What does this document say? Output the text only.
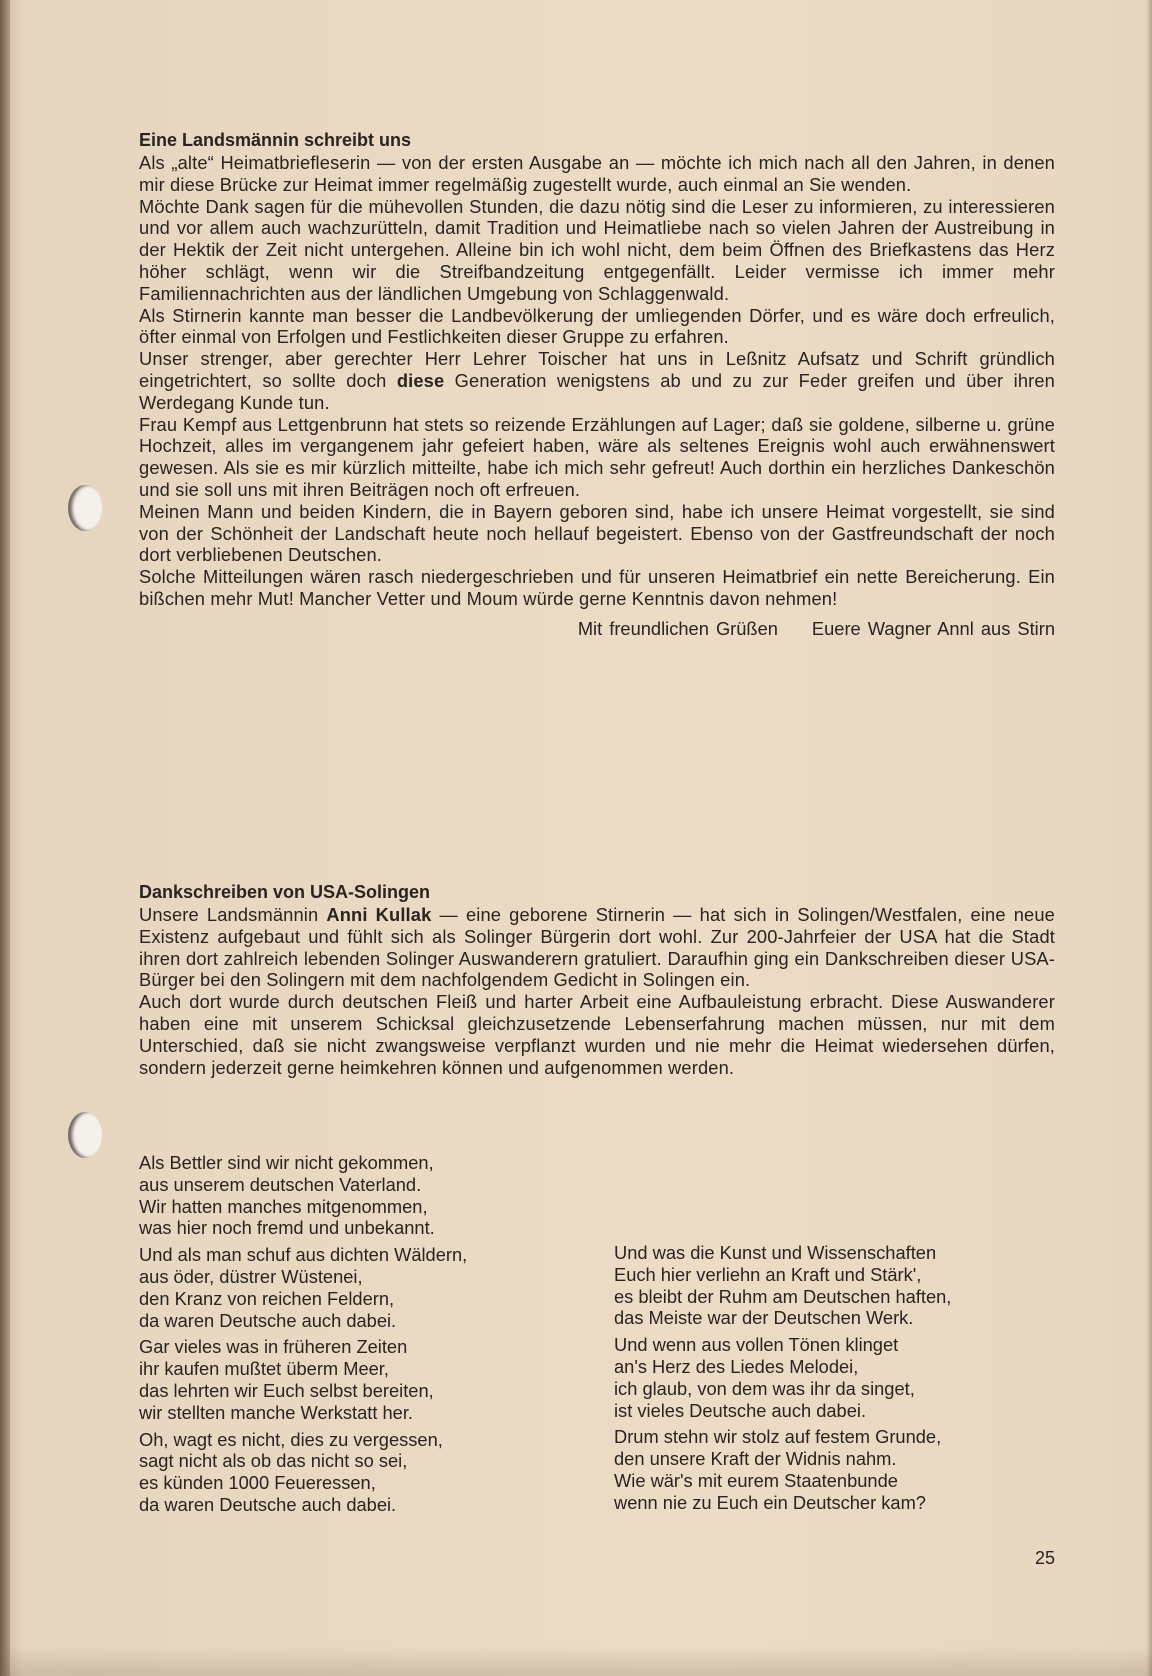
Eine Landsmännin schreibt uns

Als „alte“ Heimatbriefleserin — von der ersten Ausgabe an — möchte ich mich nach all den Jahren, in denen mir diese Brücke zur Heimat immer regelmäßig zugestellt wurde, auch einmal an Sie wenden.

Möchte Dank sagen für die mühevollen Stunden, die dazu nötig sind die Leser zu informieren, zu interessieren und vor allem auch wachzurütteln, damit Tradition und Heimatliebe nach so vielen Jahren der Austreibung in der Hektik der Zeit nicht untergehen. Alleine bin ich wohl nicht, dem beim Öffnen des Briefkastens das Herz höher schlägt, wenn wir die Streifbandzeitung entgegenfällt. Leider vermisse ich immer mehr Familiennachrichten aus der ländlichen Umgebung von Schlaggenwald.

Als Stirnerin kannte man besser die Landbevölkerung der umliegenden Dörfer, und es wäre doch erfreulich, öfter einmal von Erfolgen und Festlichkeiten dieser Gruppe zu erfahren.

Unser strenger, aber gerechter Herr Lehrer Toischer hat uns in Leßnitz Aufsatz und Schrift gründlich eingetrichtert, so sollte doch diese Generation wenigstens ab und zu zur Feder greifen und über ihren Werdegang Kunde tun.

Frau Kempf aus Lettgenbrunn hat stets so reizende Erzählungen auf Lager; daß sie goldene, silberne u. grüne Hochzeit, alles im vergangenem jahr gefeiert haben, wäre als seltenes Ereignis wohl auch erwähnenswert gewesen. Als sie es mir kürzlich mitteilte, habe ich mich sehr gefreut! Auch dorthin ein herzliches Dankeschön und sie soll uns mit ihren Beiträgen noch oft erfreuen.

Meinen Mann und beiden Kindern, die in Bayern geboren sind, habe ich unsere Heimat vorgestellt, sie sind von der Schönheit der Landschaft heute noch hellauf begeistert. Ebenso von der Gastfreundschaft der noch dort verbliebenen Deutschen.

Solche Mitteilungen wären rasch niedergeschrieben und für unseren Heimatbrief ein nette Bereicherung. Ein bißchen mehr Mut! Mancher Vetter und Moum würde gerne Kenntnis davon nehmen!

Mit freundlichen Grüßen Euere Wagner Annl aus Stirn
Dankschreiben von USA-Solingen

Unsere Landsmännin Anni Kullak — eine geborene Stirnerin — hat sich in Solingen/Westfalen, eine neue Existenz aufgebaut und fühlt sich als Solinger Bürgerin dort wohl. Zur 200-Jahrfeier der USA hat die Stadt ihren dort zahlreich lebenden Solinger Auswanderern gratuliert. Daraufhin ging ein Dankschreiben dieser USA-Bürger bei den Solingern mit dem nachfolgendem Gedicht in Solingen ein.

Auch dort wurde durch deutschen Fleiß und harter Arbeit eine Aufbauleistung erbracht. Diese Auswanderer haben eine mit unserem Schicksal gleichzusetzende Lebenserfahrung machen müssen, nur mit dem Unterschied, daß sie nicht zwangsweise verpflanzt wurden und nie mehr die Heimat wiedersehen dürfen, sondern jederzeit gerne heimkehren können und aufgenommen werden.

Als Bettler sind wir nicht gekommen,
aus unserem deutschen Vaterland.
Wir hatten manches mitgenommen,
was hier noch fremd und unbekannt.
Und als man schuf aus dichten Wäldern,
aus öder, düstrer Wüstenei,
den Kranz von reichen Feldern,
da waren Deutsche auch dabei.
Gar vieles was in früheren Zeiten
ihr kaufen mußtet überm Meer,
das lehrten wir Euch selbst bereiten,
wir stellten manche Werkstatt her.
Oh, wagt es nicht, dies zu vergessen,
sagt nicht als ob das nicht so sei,
es künden 1000 Feueressen,
da waren Deutsche auch dabei.
Und was die Kunst und Wissenschaften
Euch hier verliehn an Kraft und Stärk',
es bleibt der Ruhm am Deutschen haften,
das Meiste war der Deutschen Werk.
Und wenn aus vollen Tönen klinget
an's Herz des Liedes Melodei,
ich glaub, von dem was ihr da singet,
ist vieles Deutsche auch dabei.
Drum stehn wir stolz auf festem Grunde,
den unsere Kraft der Widnis nahm.
Wie wär's mit eurem Staatenbunde
wenn nie zu Euch ein Deutscher kam?
25
